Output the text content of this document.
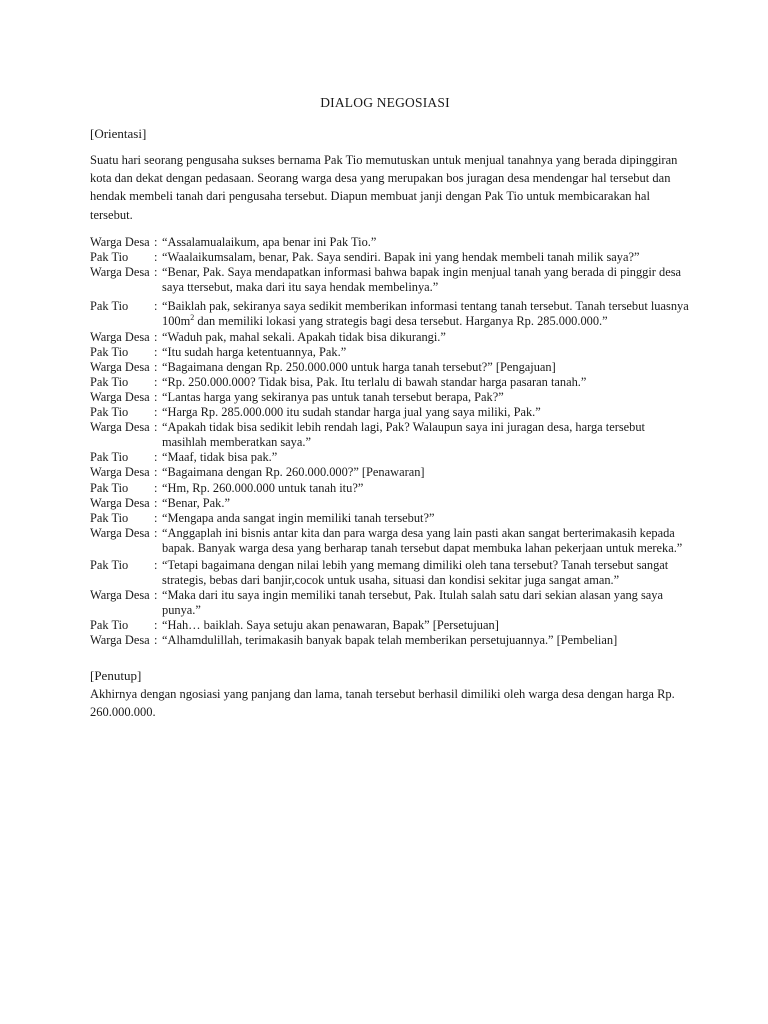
DIALOG NEGOSIASI
[Orientasi]
Suatu hari seorang pengusaha sukses bernama Pak Tio memutuskan untuk menjual tanahnya yang berada dipinggiran kota dan dekat dengan pedasaan. Seorang warga desa yang merupakan bos juragan desa mendengar hal tersebut dan hendak membeli tanah dari pengusaha tersebut. Diapun membuat janji dengan Pak Tio untuk membicarakan hal tersebut.
Warga Desa : “Assalamualaikum, apa benar ini Pak Tio.”
Pak Tio	: “Waalaikumsalam, benar, Pak. Saya sendiri. Bapak ini yang hendak membeli tanah milik saya?”
Warga Desa : “Benar, Pak. Saya mendapatkan informasi bahwa bapak ingin menjual tanah yang berada di pinggir desa saya ttersebut, maka dari itu saya hendak membelinya.”
Pak Tio	: “Baiklah pak, sekiranya saya sedikit memberikan informasi tentang tanah tersebut. Tanah tersebut luasnya $100m^2$ dan memiliki lokasi yang strategis bagi desa tersebut. Harganya Rp. 285.000.000.”
Warga Desa : “Waduh pak, mahal sekali. Apakah tidak bisa dikurangi.”
Pak Tio	: “Itu sudah harga ketentuannya, Pak.”
Warga Desa : “Bagaimana dengan Rp. 250.000.000 untuk harga tanah tersebut?” [Pengajuan]
Pak Tio	: “Rp. 250.000.000? Tidak bisa, Pak. Itu terlalu di bawah standar harga pasaran tanah.”
Warga Desa : “Lantas harga yang sekiranya pas untuk tanah tersebut berapa, Pak?”
Pak Tio	: “Harga Rp. 285.000.000 itu sudah standar harga jual yang saya miliki, Pak.”
Warga Desa : “Apakah tidak bisa sedikit lebih rendah lagi, Pak? Walaupun saya ini juragan desa, harga tersebut masihlah memberatkan saya.”
Pak Tio	: “Maaf, tidak bisa pak.”
Warga Desa : “Bagaimana dengan Rp. 260.000.000?” [Penawaran]
Pak Tio	: “Hm, Rp. 260.000.000 untuk tanah itu?”
Warga Desa : “Benar, Pak.”
Pak Tio	: “Mengapa anda sangat ingin memiliki tanah tersebut?”
Warga Desa : “Anggaplah ini bisnis antar kita dan para warga desa yang lain pasti akan sangat berterimakasih kepada bapak. Banyak warga desa yang berharap tanah tersebut dapat membuka lahan pekerjaan untuk mereka.”
Pak Tio	: “Tetapi bagaimana dengan nilai lebih yang memang dimiliki oleh tana tersebut? Tanah tersebut sangat strategis, bebas dari banjir,cocok untuk usaha, situasi dan kondisi sekitar juga sangat aman.”
Warga Desa : “Maka dari itu saya ingin memiliki tanah tersebut, Pak. Itulah salah satu dari sekian alasan yang saya punya.”
Pak Tio	: “Hah… baiklah. Saya setuju akan penawaran, Bapak” [Persetujuan]
Warga Desa : “Alhamdulillah, terimakasih banyak bapak telah memberikan persetujuannya.” [Pembelian]
[Penutup]
Akhirnya dengan ngosiasi yang panjang dan lama, tanah tersebut berhasil dimiliki oleh warga desa dengan harga Rp. 260.000.000.
